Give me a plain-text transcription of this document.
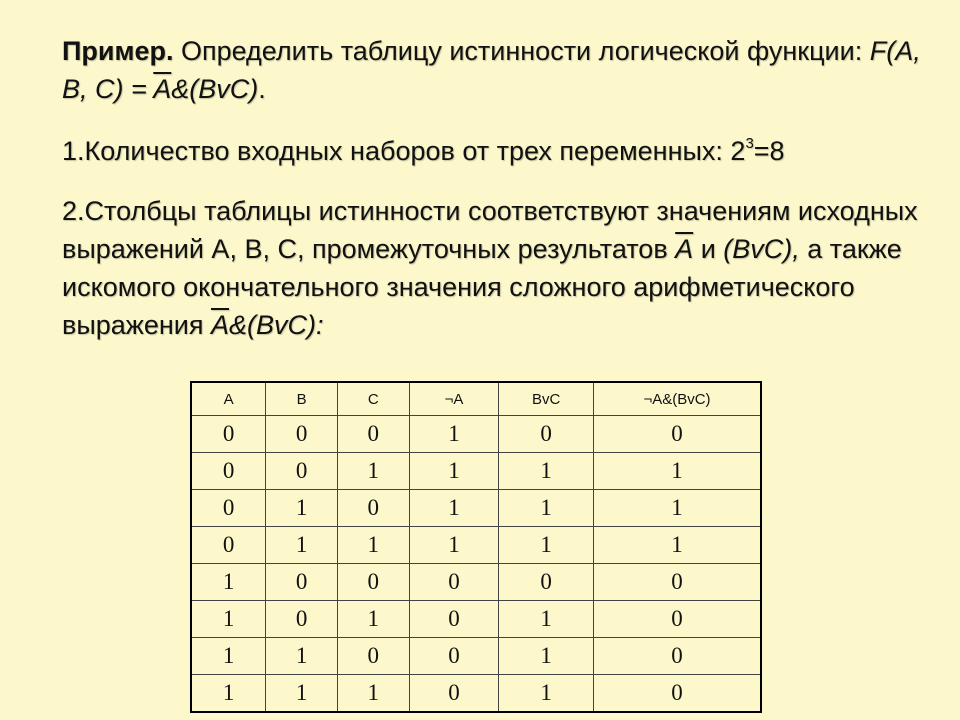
Пример. Определить таблицу истинности логической функции: F(A, B, $C) = \overline{A}\&(BvC)$.
1.Количество входных наборов от трех переменных: $2^3=8$
2.Столбцы таблицы истинности соответствуют значениям исходных выражений A, B, C, промежуточных результатов $\overline{A}$ и (BvC), а также искомого окончательного значения сложного арифметического выражения $\overline{A}\&(BvC)$:
A	B	C	¬A	BvC	¬A&(BvC)
0	0	0	1	0	0
0	0	1	1	1	1
0	1	0	1	1	1
0	1	1	1	1	1
1	0	0	0	0	0
1	0	1	0	1	0
1	1	0	0	1	0
1	1	1	0	1	0
